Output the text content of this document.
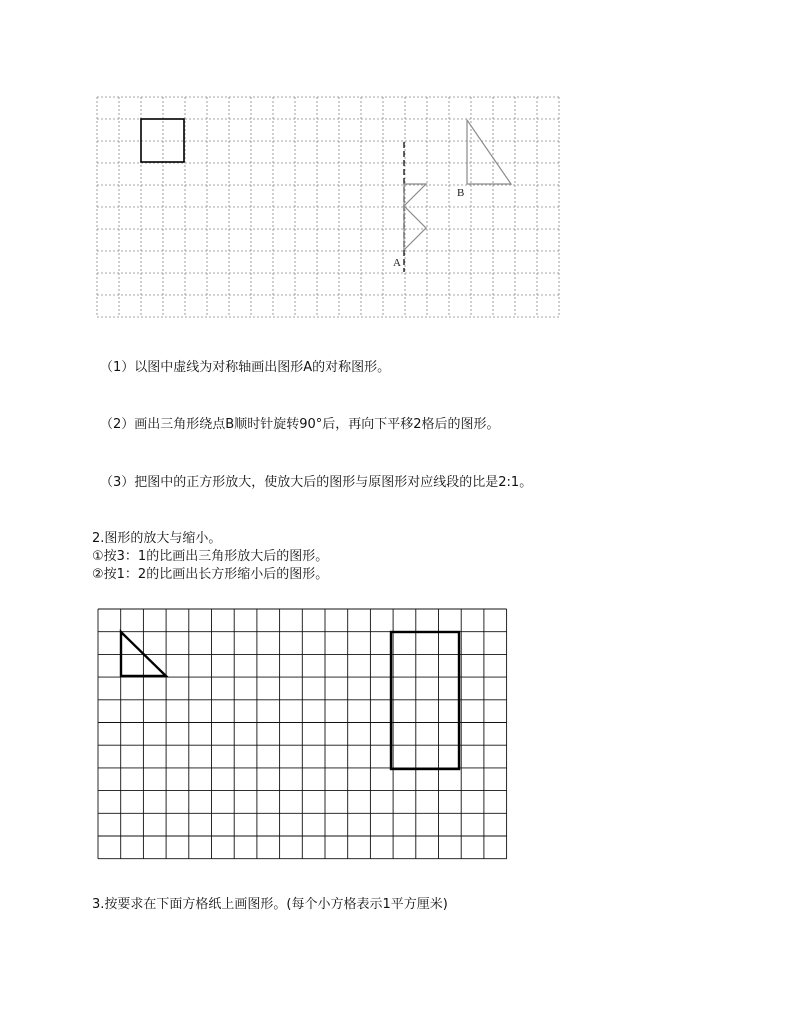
A
B
（1）以图中虚线为对称轴画出图形A的对称图形。
（2）画出三角形绕点B顺时针旋转90°后，再向下平移2格后的图形。
（3）把图中的正方形放大，使放大后的图形与原图形对应线段的比是2:1。
2.图形的放大与缩小。
①按3：1的比画出三角形放大后的图形。
②按1：2的比画出长方形缩小后的图形。
3.按要求在下面方格纸上画图形。(每个小方格表示1平方厘米)
